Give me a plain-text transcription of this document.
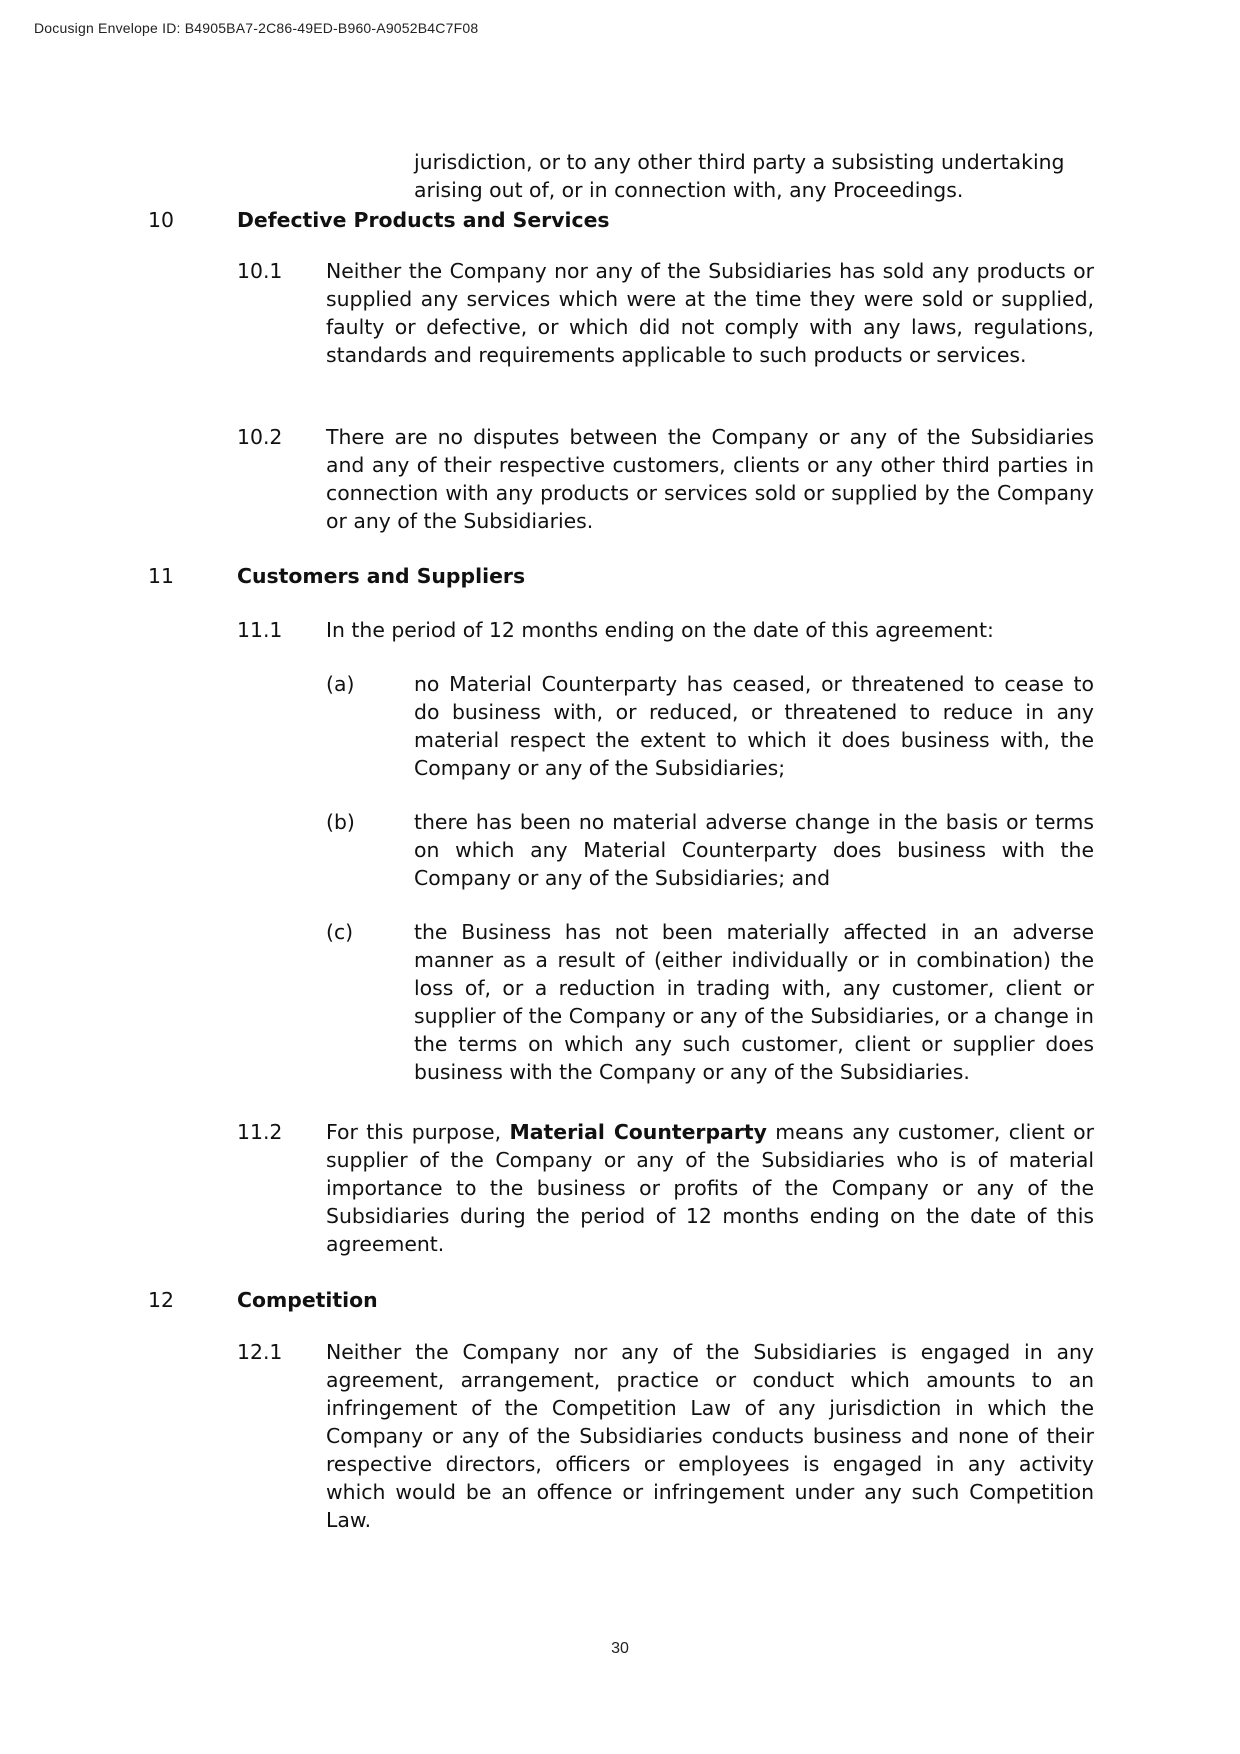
Docusign Envelope ID: B4905BA7-2C86-49ED-B960-A9052B4C7F08
jurisdiction, or to any other third party a subsisting undertaking arising out of, or in connection with, any Proceedings.
10	Defective Products and Services
10.1 Neither the Company nor any of the Subsidiaries has sold any products or supplied any services which were at the time they were sold or supplied, faulty or defective, or which did not comply with any laws, regulations, standards and requirements applicable to such products or services.
10.2 There are no disputes between the Company or any of the Subsidiaries and any of their respective customers, clients or any other third parties in connection with any products or services sold or supplied by the Company or any of the Subsidiaries.
11	Customers and Suppliers
11.1 In the period of 12 months ending on the date of this agreement:
(a)	no Material Counterparty has ceased, or threatened to cease to do business with, or reduced, or threatened to reduce in any material respect the extent to which it does business with, the Company or any of the Subsidiaries;
(b)	there has been no material adverse change in the basis or terms on which any Material Counterparty does business with the Company or any of the Subsidiaries; and
(c)	the Business has not been materially affected in an adverse manner as a result of (either individually or in combination) the loss of, or a reduction in trading with, any customer, client or supplier of the Company or any of the Subsidiaries, or a change in the terms on which any such customer, client or supplier does business with the Company or any of the Subsidiaries.
11.2 For this purpose, Material Counterparty means any customer, client or supplier of the Company or any of the Subsidiaries who is of material importance to the business or profits of the Company or any of the Subsidiaries during the period of 12 months ending on the date of this agreement.
12	Competition
12.1 Neither the Company nor any of the Subsidiaries is engaged in any agreement, arrangement, practice or conduct which amounts to an infringement of the Competition Law of any jurisdiction in which the Company or any of the Subsidiaries conducts business and none of their respective directors, officers or employees is engaged in any activity which would be an offence or infringement under any such Competition Law.
30
